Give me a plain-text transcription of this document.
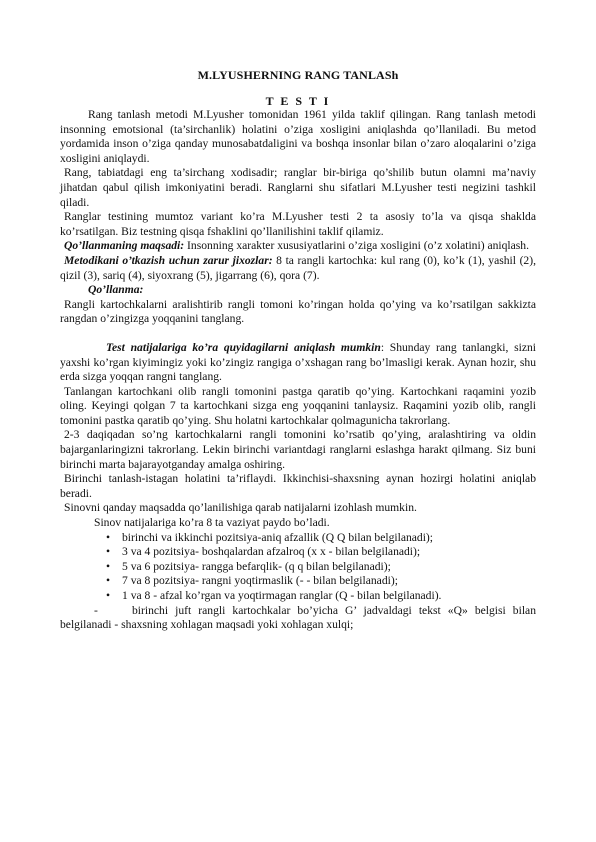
M.LYUSHERNING RANG TANLASh
T E S T I

Rang tanlash metodi M.Lyusher tomonidan 1961 yilda taklif qilingan. Rang tanlash metodi insonning emotsional (ta’sirchanlik) holatini o’ziga xosligini aniqlashda qo’llaniladi. Bu metod yordamida inson o’ziga qanday munosabatdaligini va boshqa insonlar bilan o’zaro aloqalarini o’ziga xosligini aniqlaydi.

Rang, tabiatdagi eng ta’sirchang xodisadir; ranglar bir-biriga qo’shilib butun olamni ma’naviy jihatdan qabul qilish imkoniyatini beradi. Ranglarni shu sifatlari M.Lyusher testi negizini tashkil qiladi.

Ranglar testining mumtoz variant ko’ra M.Lyusher testi 2 ta asosiy to’la va qisqa shaklda ko’rsatilgan. Biz testning qisqa fshaklini qo’llanilishini taklif qilamiz.

Qo’llanmaning maqsadi: Insonning xarakter xususiyatlarini o’ziga xosligini (o’z xolatini) aniqlash.

Metodikani o’tkazish uchun zarur jixozlar: 8 ta rangli kartochka: kul rang (0), ko’k (1), yashil (2), qizil (3), sariq (4), siyoxrang (5), jigarrang (6), qora (7).

Qo’llanma:

Rangli kartochkalarni aralishtirib rangli tomoni ko’ringan holda qo’ying va ko’rsatilgan sakkizta rangdan o’zingizga yoqqanini tanglang.

Test natijalariga ko’ra quyidagilarni aniqlash mumkin: Shunday rang tanlangki, sizni yaxshi ko’rgan kiyimingiz yoki ko’zingiz rangiga o’xshagan rang bo’lmasligi kerak. Aynan hozir, shu erda sizga yoqqan rangni tanglang.

Tanlangan kartochkani olib rangli tomonini pastga qaratib qo’ying. Kartochkani raqamini yozib oling. Keyingi qolgan 7 ta kartochkani sizga eng yoqqanini tanlaysiz. Raqamini yozib olib, rangli tomonini pastka qaratib qo’ying. Shu holatni kartochkalar qolmagunicha takrorlang.

2-3 daqiqadan so’ng kartochkalarni rangli tomonini ko’rsatib qo’ying, aralashtiring va oldin bajarganlaringizni takrorlang. Lekin birinchi variantdagi ranglarni eslashga harakt qilmang. Siz buni birinchi marta bajarayotganday amalga oshiring.

Birinchi tanlash-istagan holatini ta’riflaydi. Ikkinchisi-shaxsning aynan hozirgi holatini aniqlab beradi.

Sinovni qanday maqsadda qo’lanilishiga qarab natijalarni izohlash mumkin.

Sinov natijalariga ko’ra 8 ta vaziyat paydo bo’ladi.

• birinchi va ikkinchi pozitsiya-aniq afzallik (Q Q bilan belgilanadi);
• 3 va 4 pozitsiya- boshqalardan afzalroq (x x - bilan belgilanadi);
• 5 va 6 pozitsiya- rangga befarqlik- (q q bilan belgilanadi);
• 7 va 8 pozitsiya- rangni yoqtirmaslik (- - bilan belgilanadi);
• 1 va 8 - afzal ko’rgan va yoqtirmagan ranglar (Q - bilan belgilanadi).

-	birinchi juft rangli kartochkalar bo’yicha G’ jadvaldagi tekst «Q» belgisi bilan belgilanadi - shaxsning xohlagan maqsadi yoki xohlagan xulqi;
